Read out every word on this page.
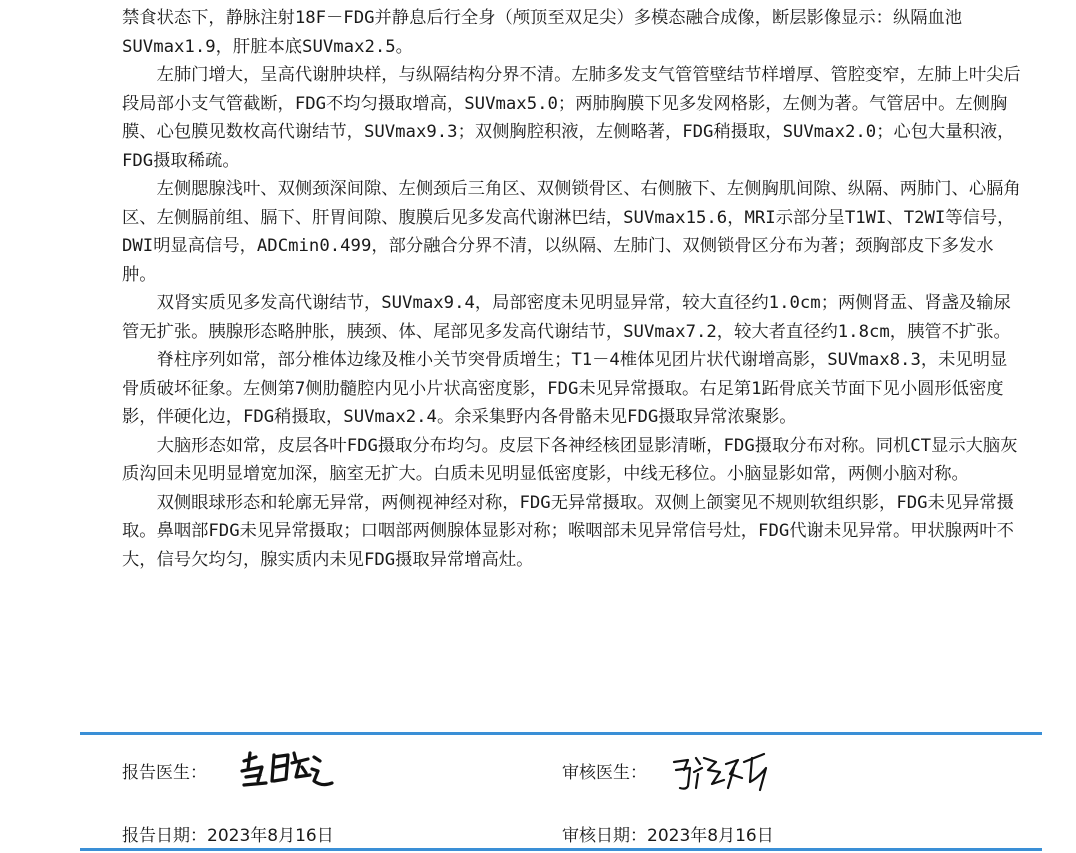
禁食状态下，静脉注射18F－FDG并静息后行全身（颅顶至双足尖）多模态融合成像，断层影像显示：纵隔血池SUVmax1.9，肝脏本底SUVmax2.5。

左肺门增大，呈高代谢肿块样，与纵隔结构分界不清。左肺多发支气管管壁结节样增厚、管腔变窄，左肺上叶尖后段局部小支气管截断，FDG不均匀摄取增高，SUVmax5.0；两肺胸膜下见多发网格影，左侧为著。气管居中。左侧胸膜、心包膜见数枚高代谢结节，SUVmax9.3；双侧胸腔积液，左侧略著，FDG稍摄取，SUVmax2.0；心包大量积液，FDG摄取稀疏。

左侧腮腺浅叶、双侧颈深间隙、左侧颈后三角区、双侧锁骨区、右侧腋下、左侧胸肌间隙、纵隔、两肺门、心膈角区、左侧膈前组、膈下、肝胃间隙、腹膜后见多发高代谢淋巴结，SUVmax15.6，MRI示部分呈T1WI、T2WI等信号，DWI明显高信号，ADCmin0.499，部分融合分界不清，以纵隔、左肺门、双侧锁骨区分布为著；颈胸部皮下多发水肿。

双肾实质见多发高代谢结节，SUVmax9.4，局部密度未见明显异常，较大直径约1.0cm；两侧肾盂、肾盏及输尿管无扩张。胰腺形态略肿胀，胰颈、体、尾部见多发高代谢结节，SUVmax7.2，较大者直径约1.8cm，胰管不扩张。

脊柱序列如常，部分椎体边缘及椎小关节突骨质增生；T1－4椎体见团片状代谢增高影，SUVmax8.3，未见明显骨质破坏征象。左侧第7侧肋髓腔内见小片状高密度影，FDG未见异常摄取。右足第1跖骨底关节面下见小圆形低密度影，伴硬化边，FDG稍摄取，SUVmax2.4。余采集野内各骨骼未见FDG摄取异常浓聚影。

大脑形态如常，皮层各叶FDG摄取分布均匀。皮层下各神经核团显影清晰，FDG摄取分布对称。同机CT显示大脑灰质沟回未见明显增宽加深，脑室无扩大。白质未见明显低密度影，中线无移位。小脑显影如常，两侧小脑对称。

双侧眼球形态和轮廓无异常，两侧视神经对称，FDG无异常摄取。双侧上颌窦见不规则软组织影，FDG未见异常摄取。鼻咽部FDG未见异常摄取；口咽部两侧腺体显影对称；喉咽部未见异常信号灶，FDG代谢未见异常。甲状腺两叶不大，信号欠均匀，腺实质内未见FDG摄取异常增高灶。

报告医生：	审核医生：
报告日期：2023年8月16日	审核日期：2023年8月16日
